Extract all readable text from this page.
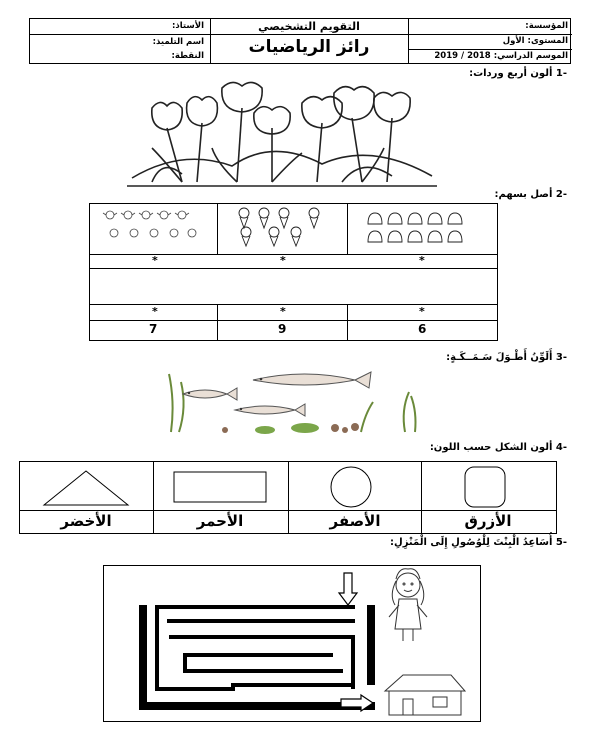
المؤسسة:
المستوى: الأول
الموسم الدراسي: 2018 / 2019
التقويم التشخيصي
رائز الرياضيات
الأستاذ:
اسم التلميذ:
النقطة:
-1 ألون أربع وردات:
-2 أصل بسهم:
*	*	*
*	*	*
7	9	6
-3 أَلَوِّنُ أَطْـوَلَ سَـمَــكَـةٍ:
-4 ألون الشكل حسب اللون:
الأخضر	الأحمر	الأصفر	الأزرق
-5 أُسَاعِدُ الْبِنْتَ لِلْوُصُولِ إِلَى الْمَنْزِلِ:
